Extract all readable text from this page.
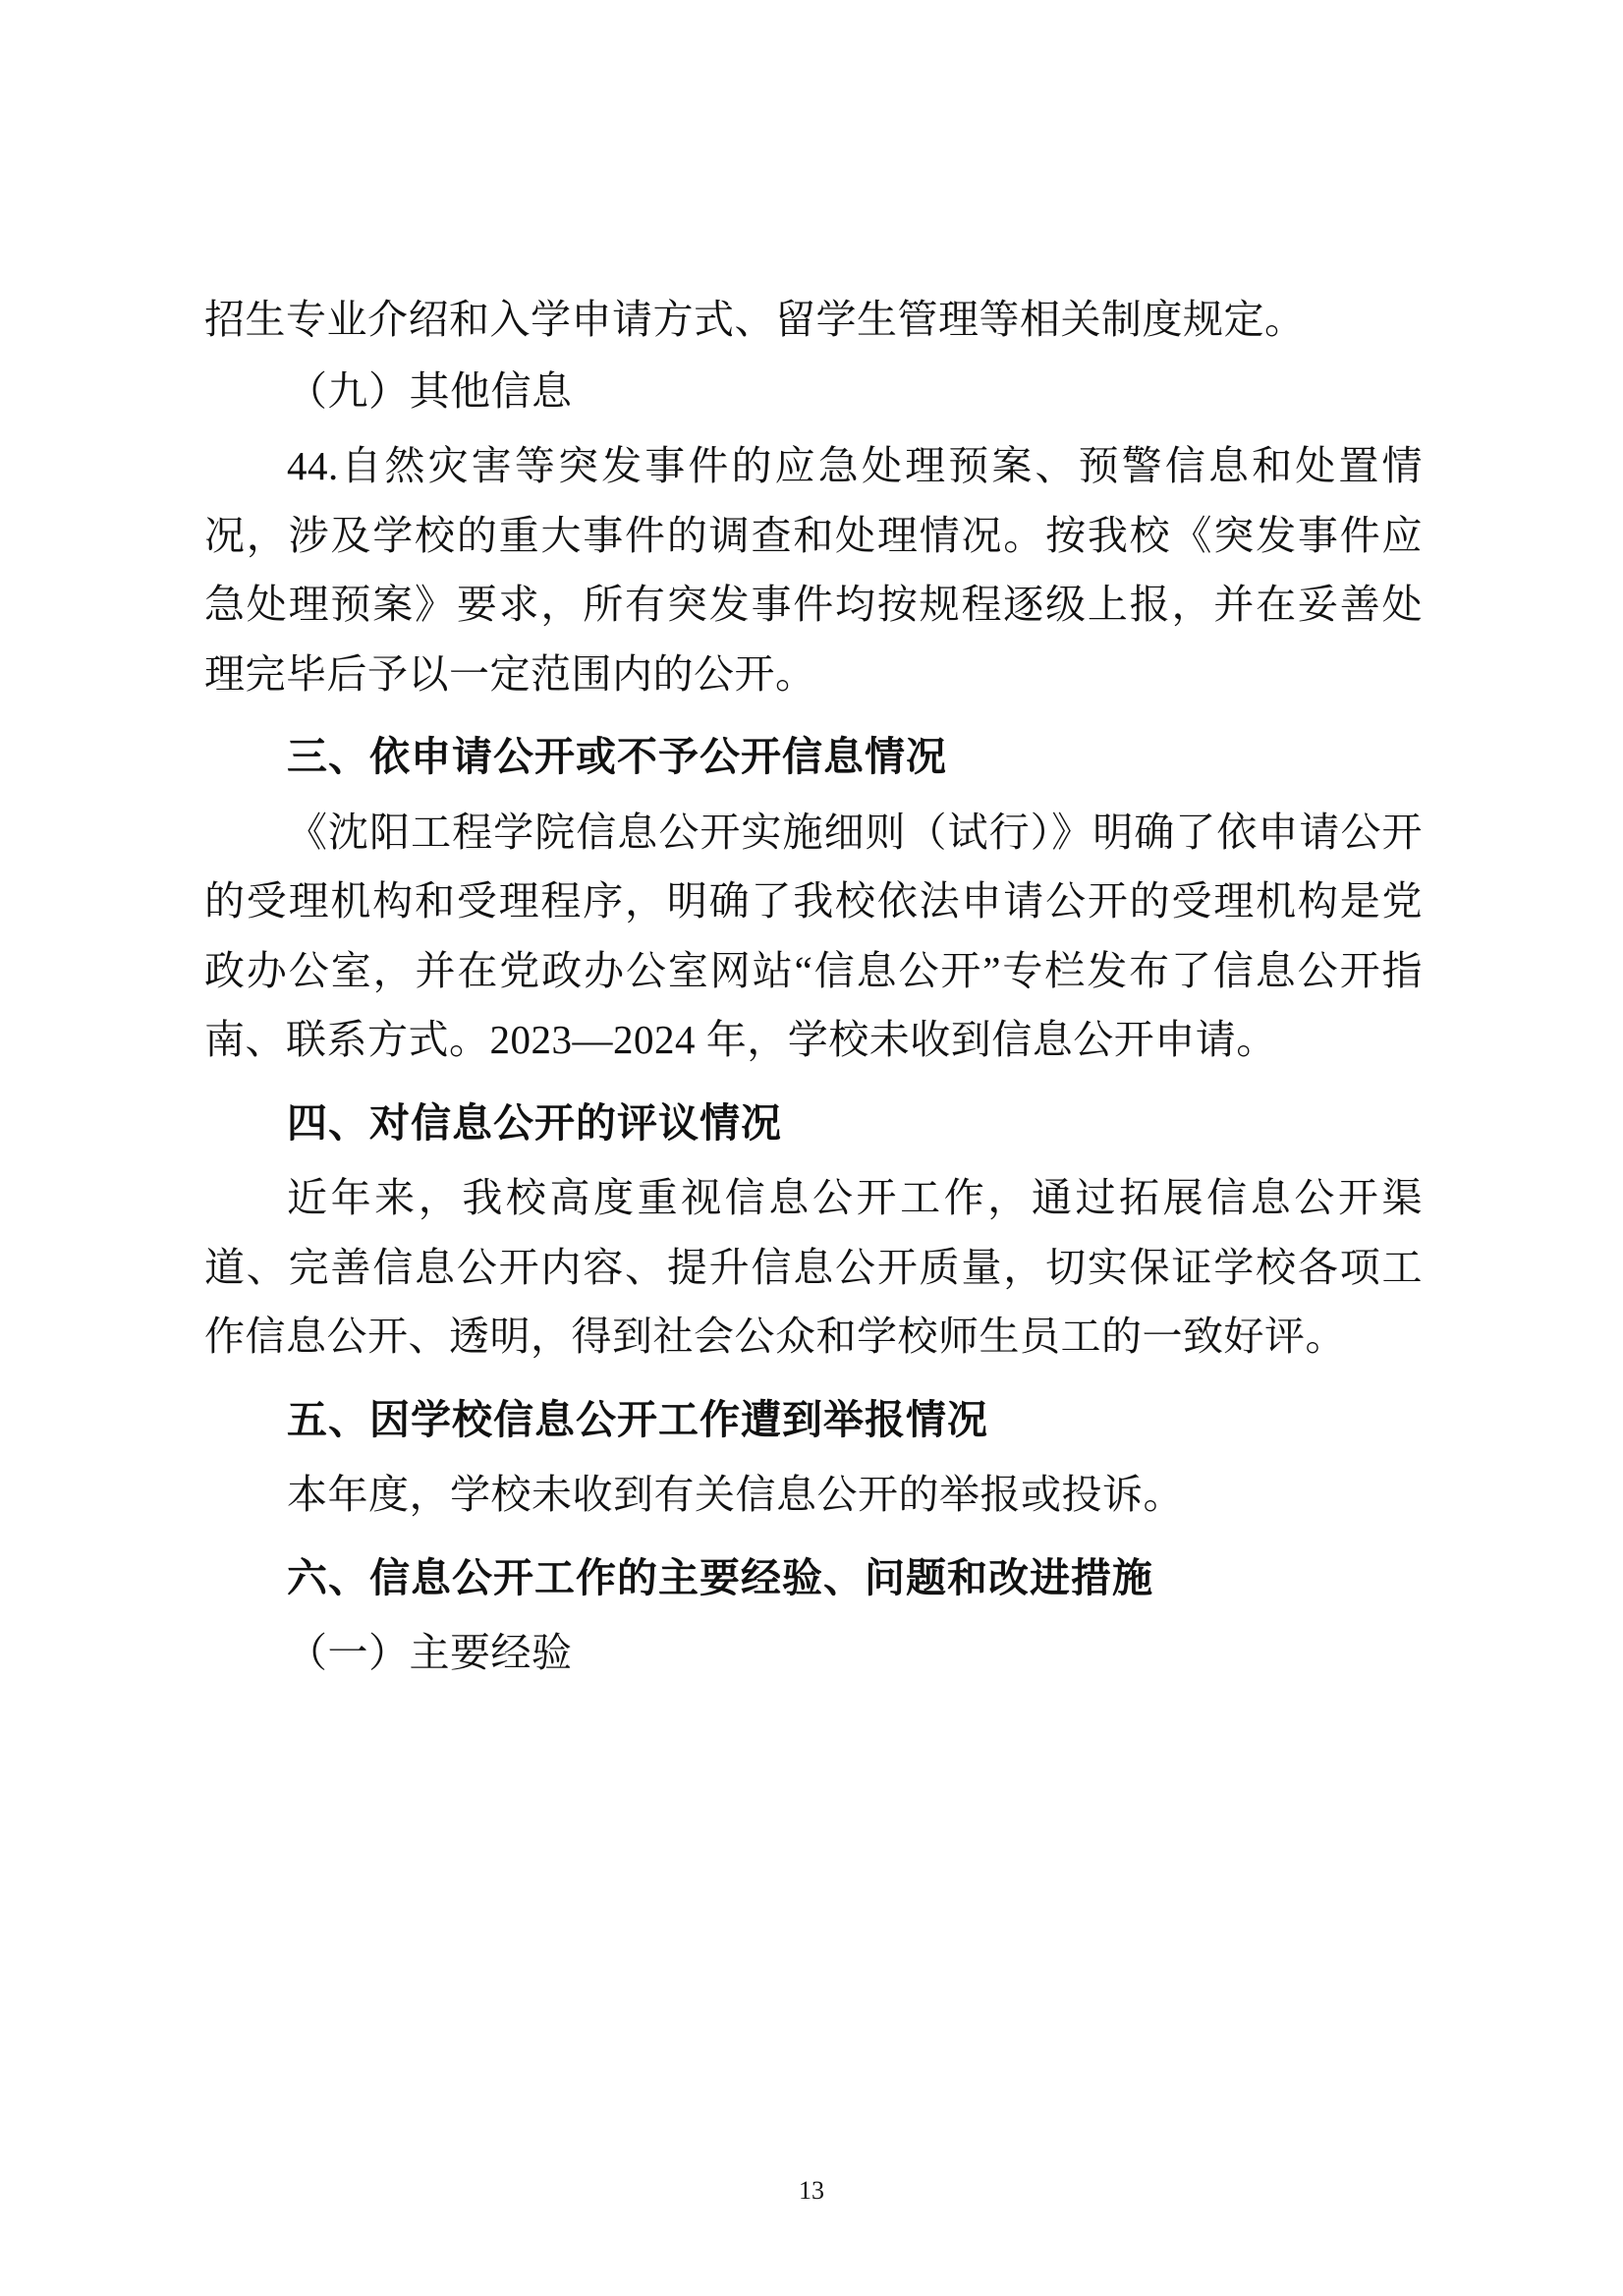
招生专业介绍和入学申请方式、留学生管理等相关制度规定。

（九）其他信息

44.自然灾害等突发事件的应急处理预案、预警信息和处置情况，涉及学校的重大事件的调查和处理情况。按我校《突发事件应急处理预案》要求，所有突发事件均按规程逐级上报，并在妥善处理完毕后予以一定范围内的公开。

三、依申请公开或不予公开信息情况

《沈阳工程学院信息公开实施细则（试行）》明确了依申请公开的受理机构和受理程序，明确了我校依法申请公开的受理机构是党政办公室，并在党政办公室网站“信息公开”专栏发布了信息公开指南、联系方式。2023—2024 年，学校未收到信息公开申请。

四、对信息公开的评议情况

近年来，我校高度重视信息公开工作，通过拓展信息公开渠道、完善信息公开内容、提升信息公开质量，切实保证学校各项工作信息公开、透明，得到社会公众和学校师生员工的一致好评。

五、因学校信息公开工作遭到举报情况

本年度，学校未收到有关信息公开的举报或投诉。

六、信息公开工作的主要经验、问题和改进措施

（一）主要经验

13
